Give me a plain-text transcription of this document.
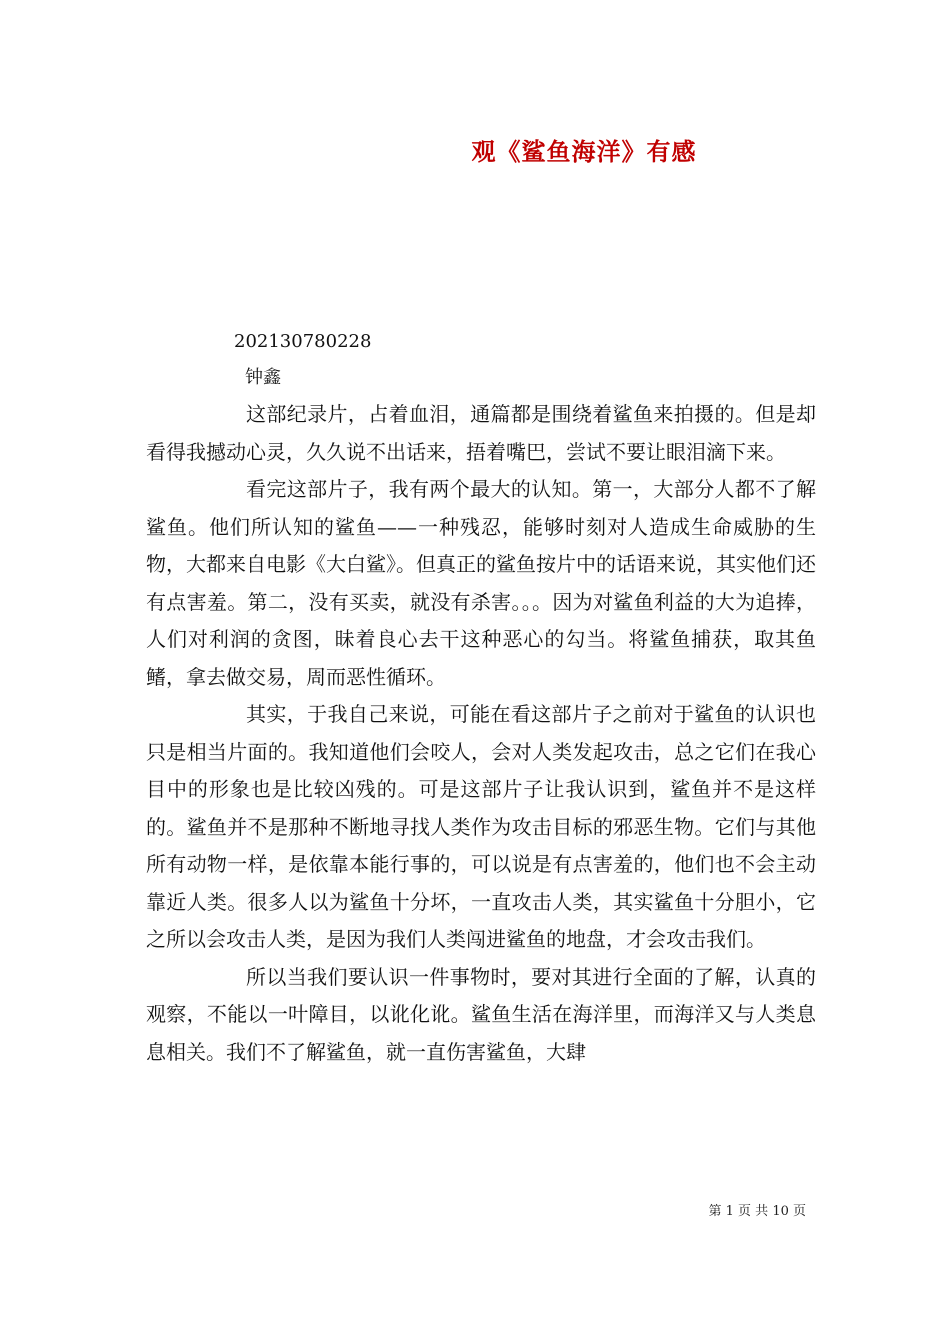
观《鲨鱼海洋》有感
202130780228
钟鑫

这部纪录片，占着血泪，通篇都是围绕着鲨鱼来拍摄的。但是却看得我撼动心灵，久久说不出话来，捂着嘴巴，尝试不要让眼泪滴下来。

看完这部片子，我有两个最大的认知。第一，大部分人都不了解鲨鱼。他们所认知的鲨鱼——一种残忍，能够时刻对人造成生命威胁的生物，大都来自电影《大白鲨》。但真正的鲨鱼按片中的话语来说，其实他们还有点害羞。第二，没有买卖，就没有杀害。。。因为对鲨鱼利益的大为追捧，人们对利润的贪图，昧着良心去干这种恶心的勾当。将鲨鱼捕获，取其鱼鳍，拿去做交易，周而恶性循环。

其实，于我自己来说，可能在看这部片子之前对于鲨鱼的认识也只是相当片面的。我知道他们会咬人，会对人类发起攻击，总之它们在我心目中的形象也是比较凶残的。可是这部片子让我认识到，鲨鱼并不是这样的。鲨鱼并不是那种不断地寻找人类作为攻击目标的邪恶生物。它们与其他所有动物一样，是依靠本能行事的，可以说是有点害羞的，他们也不会主动靠近人类。很多人以为鲨鱼十分坏，一直攻击人类，其实鲨鱼十分胆小，它之所以会攻击人类，是因为我们人类闯进鲨鱼的地盘，才会攻击我们。

所以当我们要认识一件事物时，要对其进行全面的了解，认真的观察，不能以一叶障目，以讹化讹。鲨鱼生活在海洋里，而海洋又与人类息息相关。我们不了解鲨鱼，就一直伤害鲨鱼，大肆

第 1 页 共 10 页
